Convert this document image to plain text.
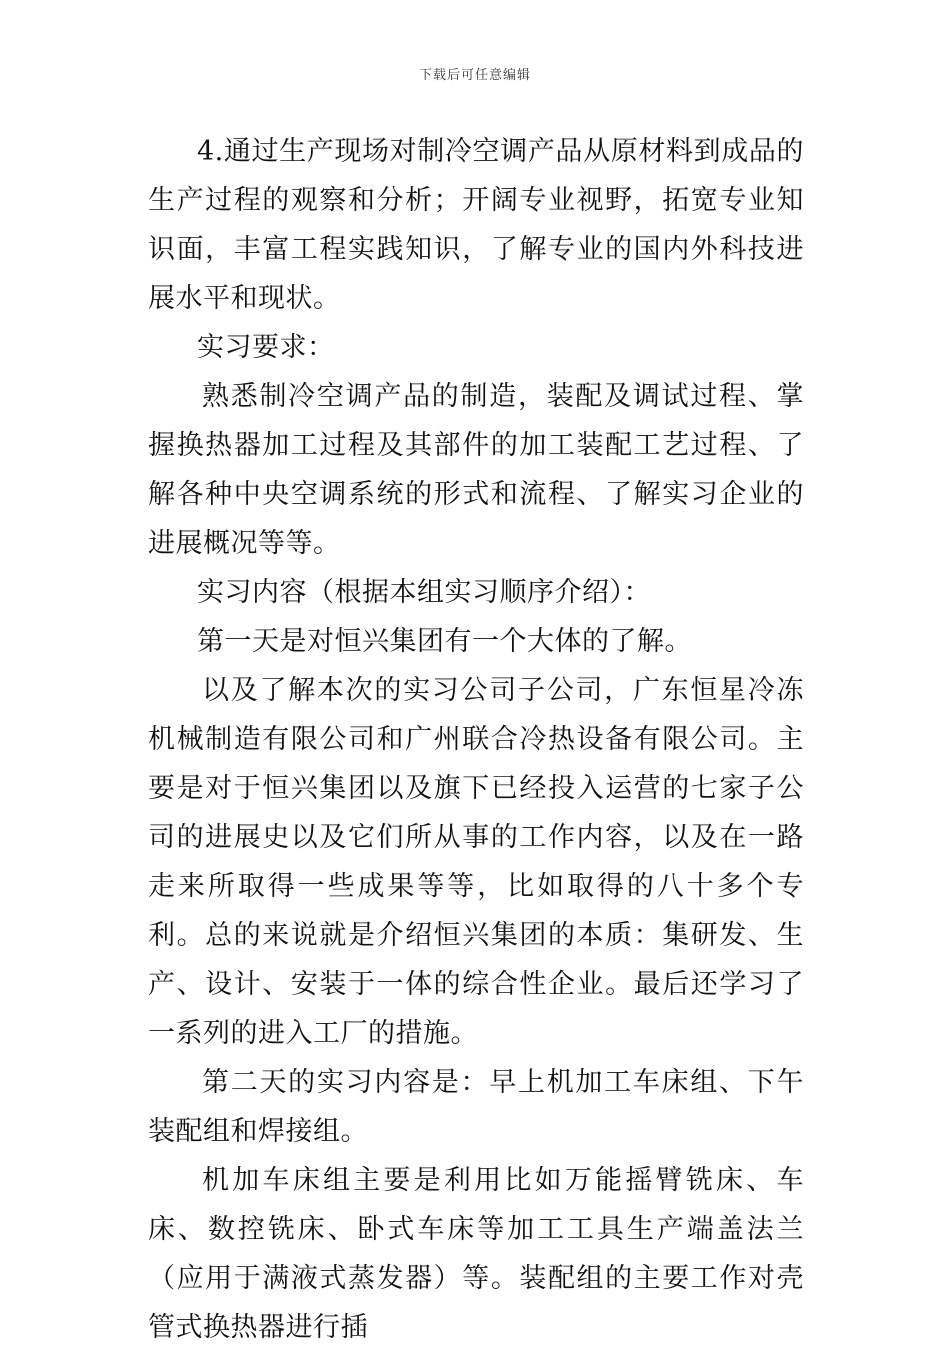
下载后可任意编辑

4.通过生产现场对制冷空调产品从原材料到成品的生产过程的观察和分析；开阔专业视野，拓宽专业知识面，丰富工程实践知识，了解专业的国内外科技进展水平和现状。

实习要求：

熟悉制冷空调产品的制造，装配及调试过程、掌握换热器加工过程及其部件的加工装配工艺过程、了解各种中央空调系统的形式和流程、了解实习企业的进展概况等等。

实习内容（根据本组实习顺序介绍）：

第一天是对恒兴集团有一个大体的了解。

以及了解本次的实习公司子公司，广东恒星冷冻机械制造有限公司和广州联合冷热设备有限公司。主要是对于恒兴集团以及旗下已经投入运营的七家子公司的进展史以及它们所从事的工作内容，以及在一路走来所取得一些成果等等，比如取得的八十多个专利。总的来说就是介绍恒兴集团的本质：集研发、生产、设计、安装于一体的综合性企业。最后还学习了一系列的进入工厂的措施。

第二天的实习内容是：早上机加工车床组、下午装配组和焊接组。

机加车床组主要是利用比如万能摇臂铣床、车床、数控铣床、卧式车床等加工工具生产端盖法兰（应用于满液式蒸发器）等。装配组的主要工作对壳管式换热器进行插
